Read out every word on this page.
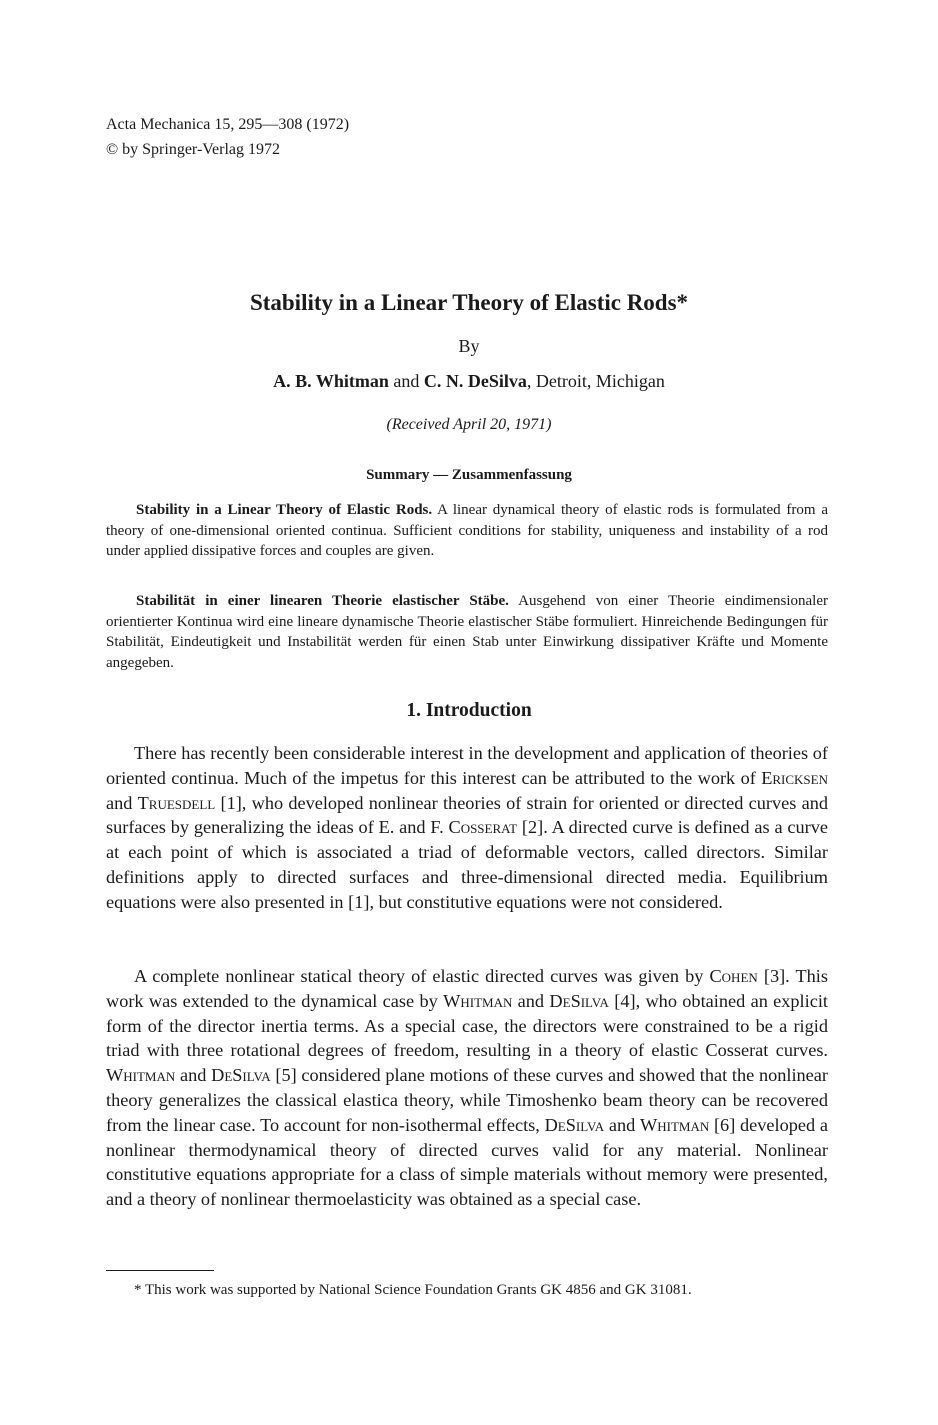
Acta Mechanica 15, 295—308 (1972)
© by Springer-Verlag 1972
Stability in a Linear Theory of Elastic Rods*
By
A. B. Whitman and C. N. DeSilva, Detroit, Michigan
(Received April 20, 1971)
Summary — Zusammenfassung

Stability in a Linear Theory of Elastic Rods. A linear dynamical theory of elastic rods is formulated from a theory of one-dimensional oriented continua. Sufficient conditions for stability, uniqueness and instability of a rod under applied dissipative forces and couples are given.

Stabilität in einer linearen Theorie elastischer Stäbe. Ausgehend von einer Theorie eindimensionaler orientierter Kontinua wird eine lineare dynamische Theorie elastischer Stäbe formuliert. Hinreichende Bedingungen für Stabilität, Eindeutigkeit und Instabilität werden für einen Stab unter Einwirkung dissipativer Kräfte und Momente angegeben.

1. Introduction

There has recently been considerable interest in the development and application of theories of oriented continua. Much of the impetus for this interest can be attributed to the work of Ericksen and Truesdell [1], who developed nonlinear theories of strain for oriented or directed curves and surfaces by generalizing the ideas of E. and F. Cosserat [2]. A directed curve is defined as a curve at each point of which is associated a triad of deformable vectors, called directors. Similar definitions apply to directed surfaces and three-dimensional directed media. Equilibrium equations were also presented in [1], but constitutive equations were not considered.

A complete nonlinear statical theory of elastic directed curves was given by Cohen [3]. This work was extended to the dynamical case by Whitman and DeSilva [4], who obtained an explicit form of the director inertia terms. As a special case, the directors were constrained to be a rigid triad with three rotational degrees of freedom, resulting in a theory of elastic Cosserat curves. Whitman and DeSilva [5] considered plane motions of these curves and showed that the nonlinear theory generalizes the classical elastica theory, while Timoshenko beam theory can be recovered from the linear case. To account for non-isothermal effects, DeSilva and Whitman [6] developed a nonlinear thermodynamical theory of directed curves valid for any material. Nonlinear constitutive equations appropriate for a class of simple materials without memory were presented, and a theory of nonlinear thermoelasticity was obtained as a special case.

* This work was supported by National Science Foundation Grants GK 4856 and GK 31081.
